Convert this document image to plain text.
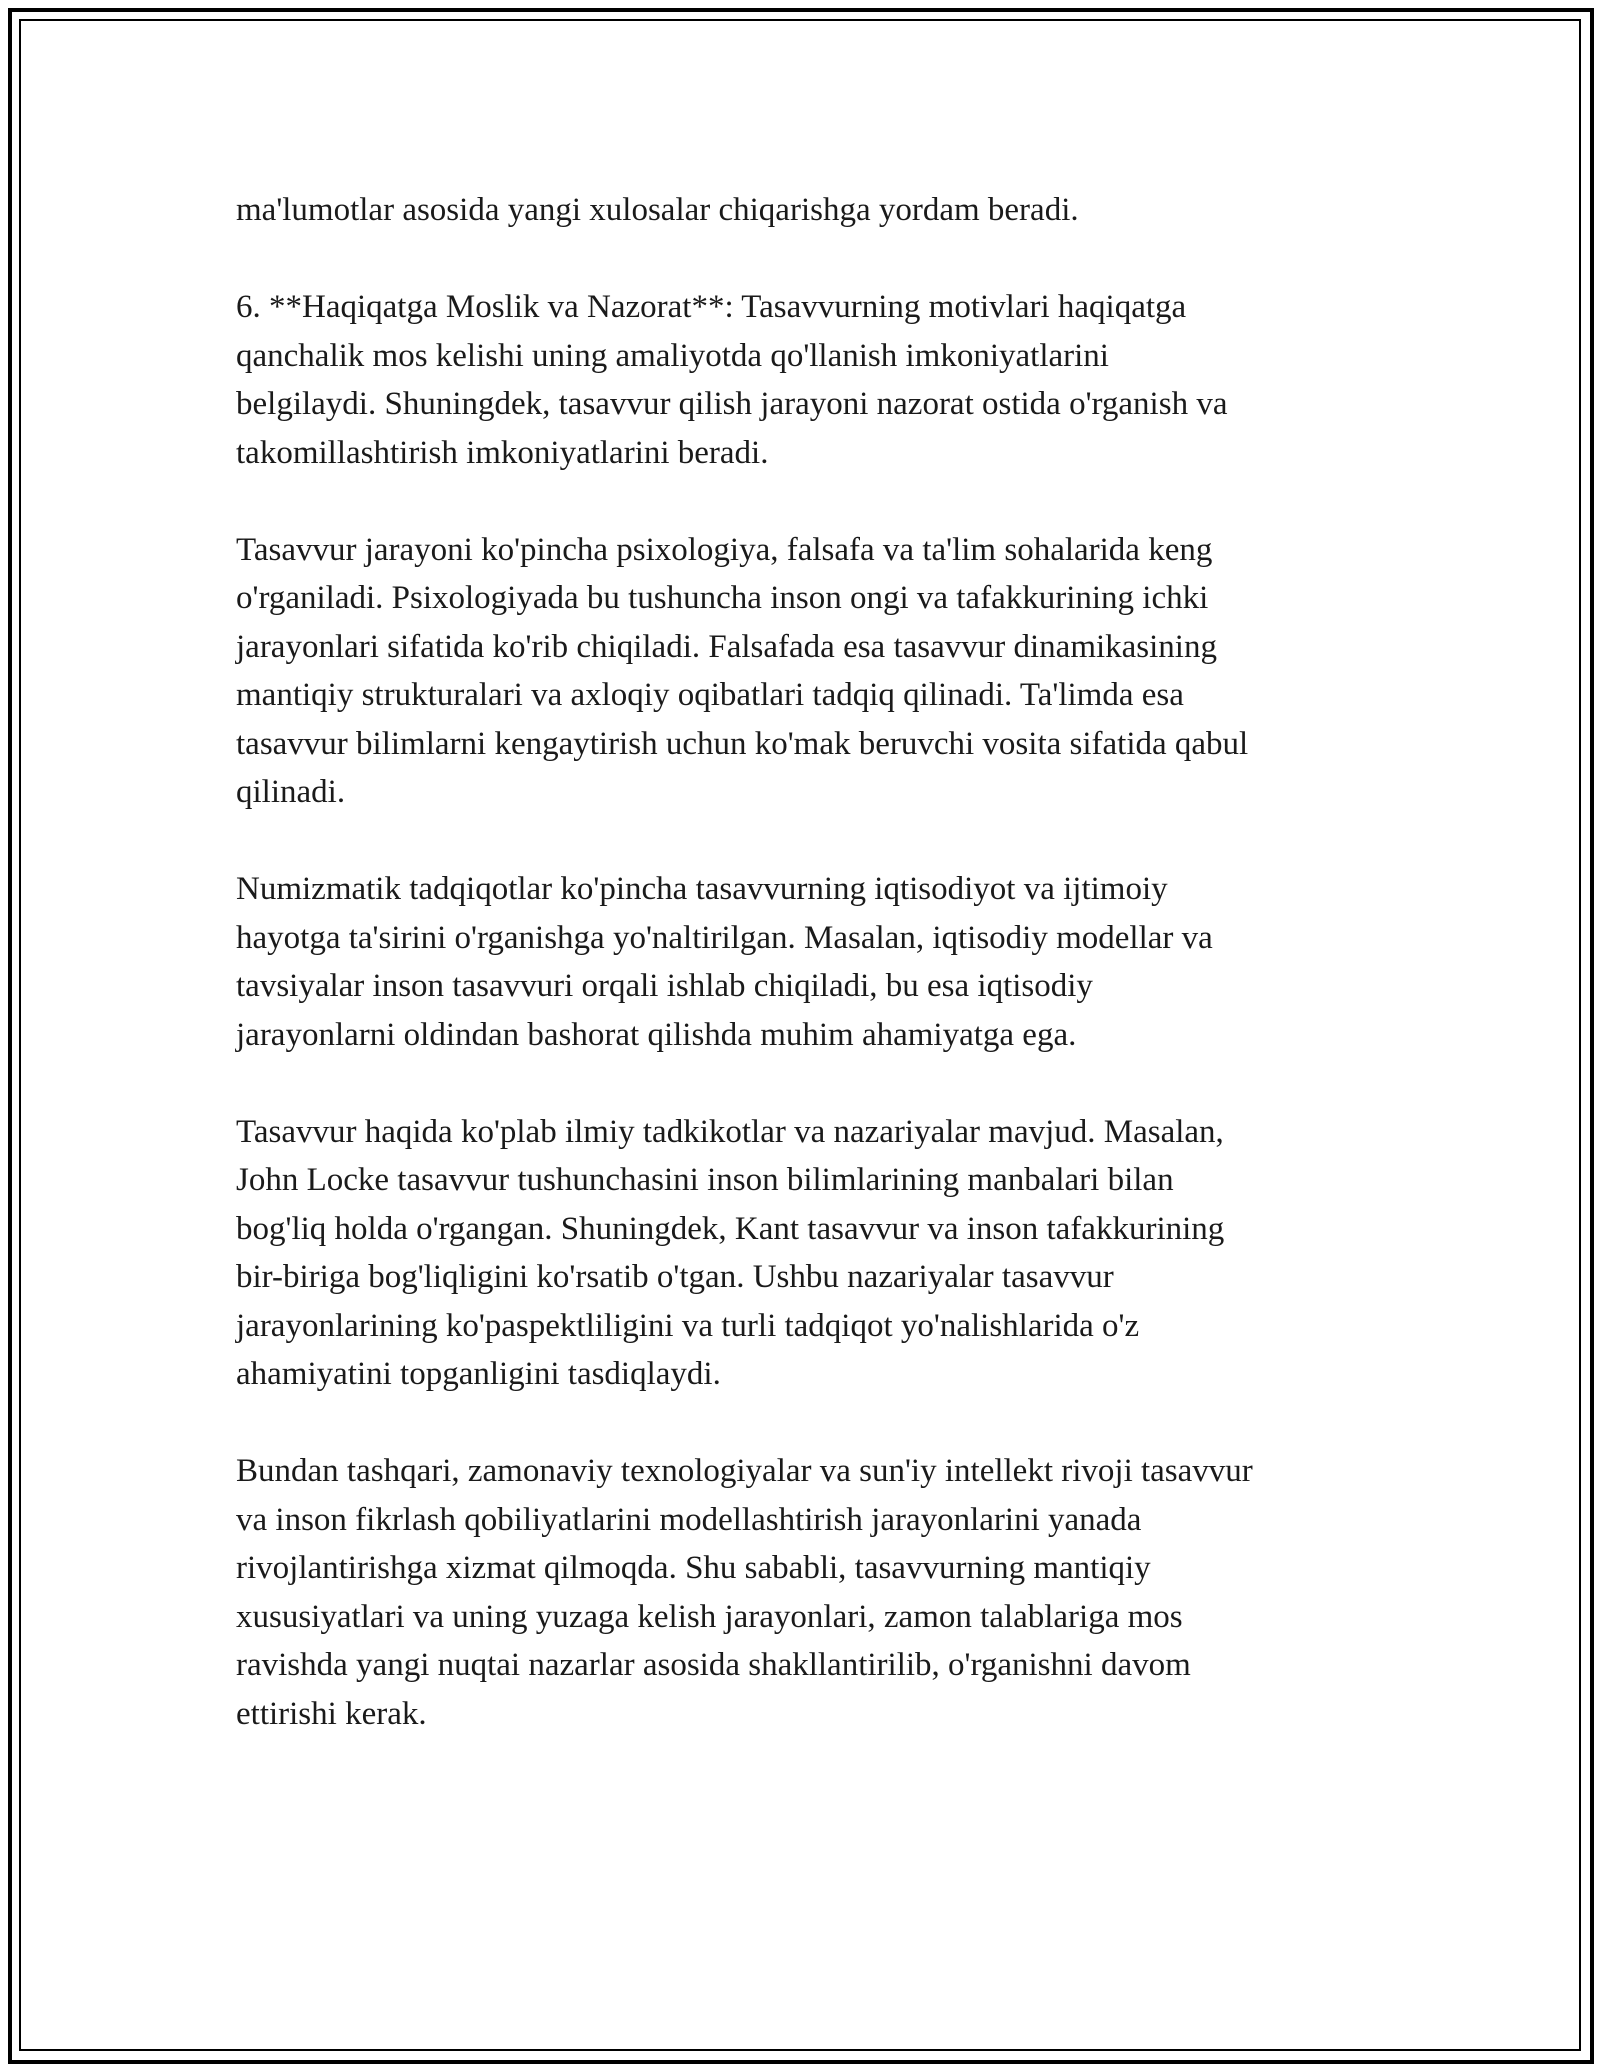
ma'lumotlar asosida yangi xulosalar chiqarishga yordam beradi.

6. **Haqiqatga Moslik va Nazorat**: Tasavvurning motivlari haqiqatga
qanchalik mos kelishi uning amaliyotda qo'llanish imkoniyatlarini
belgilaydi. Shuningdek, tasavvur qilish jarayoni nazorat ostida o'rganish va
takomillashtirish imkoniyatlarini beradi.

Tasavvur jarayoni ko'pincha psixologiya, falsafa va ta'lim sohalarida keng
o'rganiladi. Psixologiyada bu tushuncha inson ongi va tafakkurining ichki
jarayonlari sifatida ko'rib chiqiladi. Falsafada esa tasavvur dinamikasining
mantiqiy strukturalari va axloqiy oqibatlari tadqiq qilinadi. Ta'limda esa
tasavvur bilimlarni kengaytirish uchun ko'mak beruvchi vosita sifatida qabul
qilinadi.

Numizmatik tadqiqotlar ko'pincha tasavvurning iqtisodiyot va ijtimoiy
hayotga ta'sirini o'rganishga yo'naltirilgan. Masalan, iqtisodiy modellar va
tavsiyalar inson tasavvuri orqali ishlab chiqiladi, bu esa iqtisodiy
jarayonlarni oldindan bashorat qilishda muhim ahamiyatga ega.

Tasavvur haqida ko'plab ilmiy tadkikotlar va nazariyalar mavjud. Masalan,
John Locke tasavvur tushunchasini inson bilimlarining manbalari bilan
bog'liq holda o'rgangan. Shuningdek, Kant tasavvur va inson tafakkurining
bir-biriga bog'liqligini ko'rsatib o'tgan. Ushbu nazariyalar tasavvur
jarayonlarining ko'paspektliligini va turli tadqiqot yo'nalishlarida o'z
ahamiyatini topganligini tasdiqlaydi.

Bundan tashqari, zamonaviy texnologiyalar va sun'iy intellekt rivoji tasavvur
va inson fikrlash qobiliyatlarini modellashtirish jarayonlarini yanada
rivojlantirishga xizmat qilmoqda. Shu sababli, tasavvurning mantiqiy
xususiyatlari va uning yuzaga kelish jarayonlari, zamon talablariga mos
ravishda yangi nuqtai nazarlar asosida shakllantirilib, o'rganishni davom
ettirishi kerak.
